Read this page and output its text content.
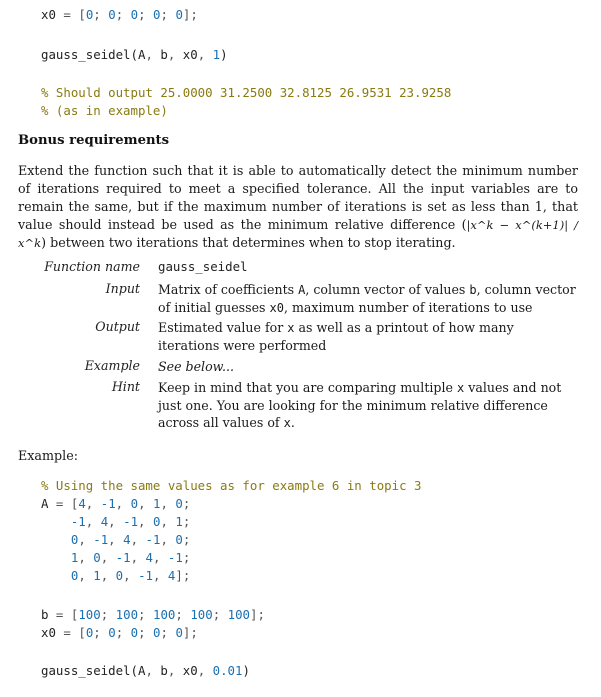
x0 = [0; 0; 0; 0; 0];
gauss_seidel(A, b, x0, 1)
% Should output 25.0000 31.2500 32.8125 26.9531 23.9258
% (as in example)
Bonus requirements
Extend the function such that it is able to automatically detect the minimum number of iterations required to meet a specified tolerance. All the input variables are to remain the same, but if the maximum number of iterations is set as less than 1, that value should instead be used as the minimum relative difference (|x^k − x^(k+1)| / x^k) between two iterations that determines when to stop iterating.
Function name gauss_seidel
Input Matrix of coefficients A, column vector of values b, column vector of initial guesses x0, maximum number of iterations to use
Output Estimated value for x as well as a printout of how many iterations were performed
Example See below...
Hint Keep in mind that you are comparing multiple x values and not just one. You are looking for the minimum relative difference across all values of x.
Example:
% Using the same values as for example 6 in topic 3
A = [4, -1, 0, 1, 0;
-1, 4, -1, 0, 1;
0, -1, 4, -1, 0;
1, 0, -1, 4, -1;
0, 1, 0, -1, 4];
b = [100; 100; 100; 100; 100];
x0 = [0; 0; 0; 0; 0];
gauss_seidel(A, b, x0, 0.01)
